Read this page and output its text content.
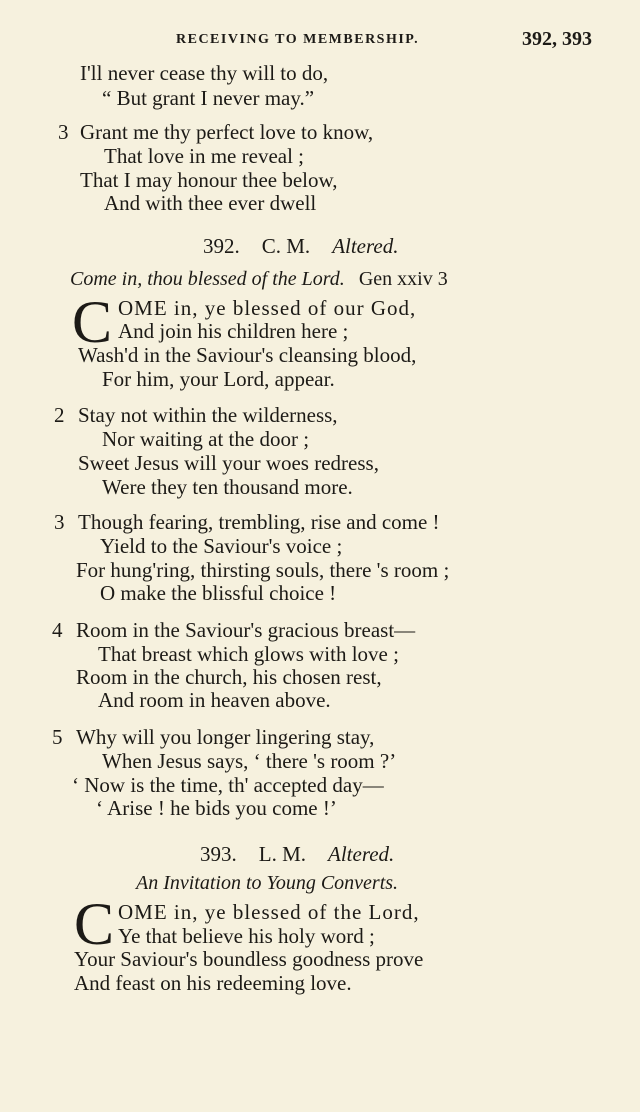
RECEIVING TO MEMBERSHIP.	392, 393
I'll never cease thy will to do,
“ But grant I never may.”
3 Grant me thy perfect love to know,
That love in me reveal ;
That I may honour thee below,
And with thee ever dwell
392. C. M. Altered.
Come in, thou blessed of the Lord. Gen xxiv 3
C OME in, ye blessed of our God,
And join his children here ;
Wash'd in the Saviour's cleansing blood,
For him, your Lord, appear.
2 Stay not within the wilderness,
Nor waiting at the door ;
Sweet Jesus will your woes redress,
Were they ten thousand more.
3 Though fearing, trembling, rise and come !
Yield to the Saviour's voice ;
For hung'ring, thirsting souls, there 's room ;
O make the blissful choice !
4 Room in the Saviour's gracious breast—
That breast which glows with love ;
Room in the church, his chosen rest,
And room in heaven above.
5 Why will you longer lingering stay,
When Jesus says, ‘ there 's room ?’
‘ Now is the time, th' accepted day—
‘ Arise ! he bids you come !’
393. L. M. Altered.
An Invitation to Young Converts.
C OME in, ye blessed of the Lord,
Ye that believe his holy word ;
Your Saviour's boundless goodness prove
And feast on his redeeming love.
